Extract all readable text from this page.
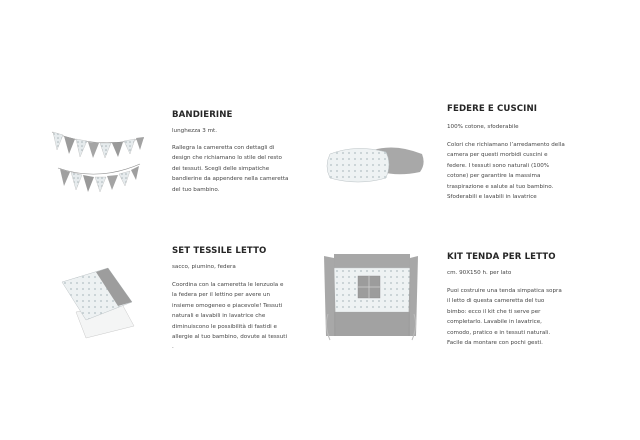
BANDIERINE
lunghezza 3 mt.
Rallegra la cameretta con dettagli di
design che richiamano lo stile del resto
dei tessuti. Scegli delle simpatiche
bandierine da appendere nella cameretta
del tuo bambino.
FEDERE E CUSCINI
100% cotone, sfoderabile
Colori che richiamano l’arredamento della
camera per questi morbidi cuscini e
federe. I tessuti sono naturali (100%
cotone) per garantire la massima
traspirazione e salute al tuo bambino.
Sfoderabili e lavabili in lavatrice
SET TESSILE LETTO
sacco, piumino, federa
Coordina con la cameretta le lenzuola e
la federa per il lettino per avere un
insieme omogeneo e piacevole! Tessuti
naturali e lavabili in lavatrice che
diminuiscono le possibilità di fastidi e
allergie al tuo bambino, dovute ai tessuti
.
KIT TENDA PER LETTO
cm. 90X150 h. per lato
Puoi costruire una tenda simpatica sopra
il letto di questa cameretta del tuo
bimbo: ecco il kit che ti serve per
completarlo. Lavabile in lavatrice,
comodo, pratico e in tessuti naturali.
Facile da montare con pochi gesti.
